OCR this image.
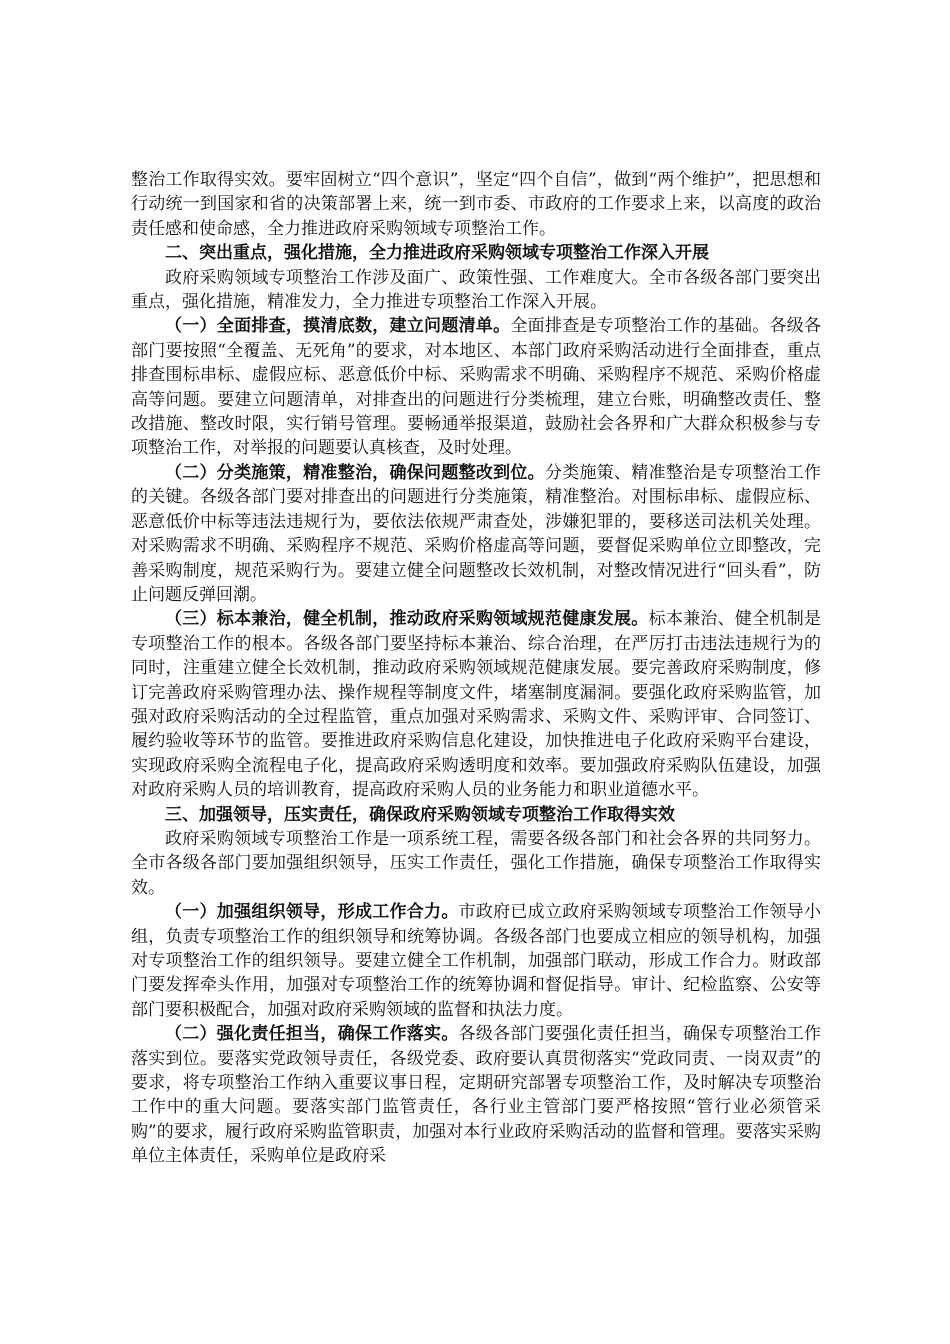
整治工作取得实效。要牢固树立“四个意识”，坚定“四个自信”，做到“两个维护”，把思想和行动统一到国家和省的决策部署上来，统一到市委、市政府的工作要求上来，以高度的政治责任感和使命感，全力推进政府采购领域专项整治工作。

二、突出重点，强化措施，全力推进政府采购领域专项整治工作深入开展

政府采购领域专项整治工作涉及面广、政策性强、工作难度大。全市各级各部门要突出重点，强化措施，精准发力，全力推进专项整治工作深入开展。

（一）全面排查，摸清底数，建立问题清单。全面排查是专项整治工作的基础。各级各部门要按照“全覆盖、无死角”的要求，对本地区、本部门政府采购活动进行全面排查，重点排查围标串标、虚假应标、恶意低价中标、采购需求不明确、采购程序不规范、采购价格虚高等问题。要建立问题清单，对排查出的问题进行分类梳理，建立台账，明确整改责任、整改措施、整改时限，实行销号管理。要畅通举报渠道，鼓励社会各界和广大群众积极参与专项整治工作，对举报的问题要认真核查，及时处理。

（二）分类施策，精准整治，确保问题整改到位。分类施策、精准整治是专项整治工作的关键。各级各部门要对排查出的问题进行分类施策，精准整治。对围标串标、虚假应标、恶意低价中标等违法违规行为，要依法依规严肃查处，涉嫌犯罪的，要移送司法机关处理。对采购需求不明确、采购程序不规范、采购价格虚高等问题，要督促采购单位立即整改，完善采购制度，规范采购行为。要建立健全问题整改长效机制，对整改情况进行“回头看”，防止问题反弹回潮。

（三）标本兼治，健全机制，推动政府采购领域规范健康发展。标本兼治、健全机制是专项整治工作的根本。各级各部门要坚持标本兼治、综合治理，在严厉打击违法违规行为的同时，注重建立健全长效机制，推动政府采购领域规范健康发展。要完善政府采购制度，修订完善政府采购管理办法、操作规程等制度文件，堵塞制度漏洞。要强化政府采购监管，加强对政府采购活动的全过程监管，重点加强对采购需求、采购文件、采购评审、合同签订、履约验收等环节的监管。要推进政府采购信息化建设，加快推进电子化政府采购平台建设，实现政府采购全流程电子化，提高政府采购透明度和效率。要加强政府采购队伍建设，加强对政府采购人员的培训教育，提高政府采购人员的业务能力和职业道德水平。

三、加强领导，压实责任，确保政府采购领域专项整治工作取得实效

政府采购领域专项整治工作是一项系统工程，需要各级各部门和社会各界的共同努力。全市各级各部门要加强组织领导，压实工作责任，强化工作措施，确保专项整治工作取得实效。

（一）加强组织领导，形成工作合力。市政府已成立政府采购领域专项整治工作领导小组，负责专项整治工作的组织领导和统筹协调。各级各部门也要成立相应的领导机构，加强对专项整治工作的组织领导。要建立健全工作机制，加强部门联动，形成工作合力。财政部门要发挥牵头作用，加强对专项整治工作的统筹协调和督促指导。审计、纪检监察、公安等部门要积极配合，加强对政府采购领域的监督和执法力度。

（二）强化责任担当，确保工作落实。各级各部门要强化责任担当，确保专项整治工作落实到位。要落实党政领导责任，各级党委、政府要认真贯彻落实“党政同责、一岗双责”的要求，将专项整治工作纳入重要议事日程，定期研究部署专项整治工作，及时解决专项整治工作中的重大问题。要落实部门监管责任，各行业主管部门要严格按照“管行业必须管采购”的要求，履行政府采购监管职责，加强对本行业政府采购活动的监督和管理。要落实采购单位主体责任，采购单位是政府采
